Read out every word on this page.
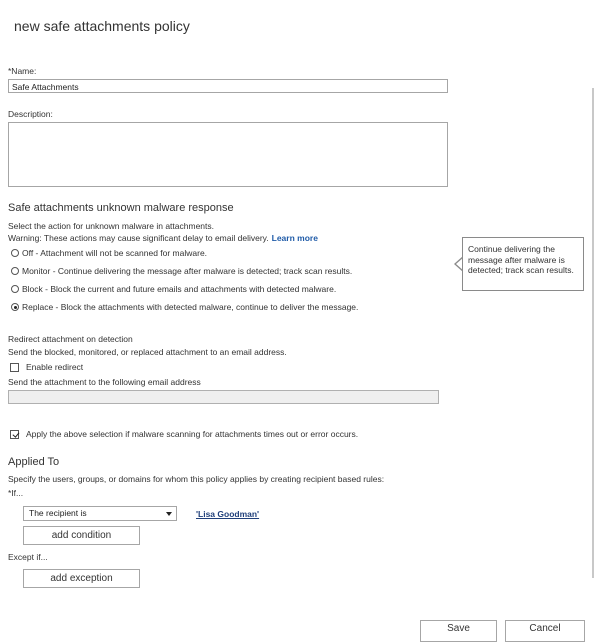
new safe attachments policy
*Name:
Safe Attachments
Description:
Safe attachments unknown malware response
Select the action for unknown malware in attachments.
Warning: These actions may cause significant delay to email delivery. Learn more
Off - Attachment will not be scanned for malware.
Monitor - Continue delivering the message after malware is detected; track scan results.
Block - Block the current and future emails and attachments with detected malware.
Replace - Block the attachments with detected malware, continue to deliver the message.
Continue delivering the message after malware is detected; track scan results.
Redirect attachment on detection
Send the blocked, monitored, or replaced attachment to an email address.
Enable redirect
Send the attachment to the following email address
Apply the above selection if malware scanning for attachments times out or error occurs.
Applied To
Specify the users, groups, or domains for whom this policy applies by creating recipient based rules:
*If...
The recipient is	'Lisa Goodman'
add condition
Except if...
add exception
Save	Cancel
